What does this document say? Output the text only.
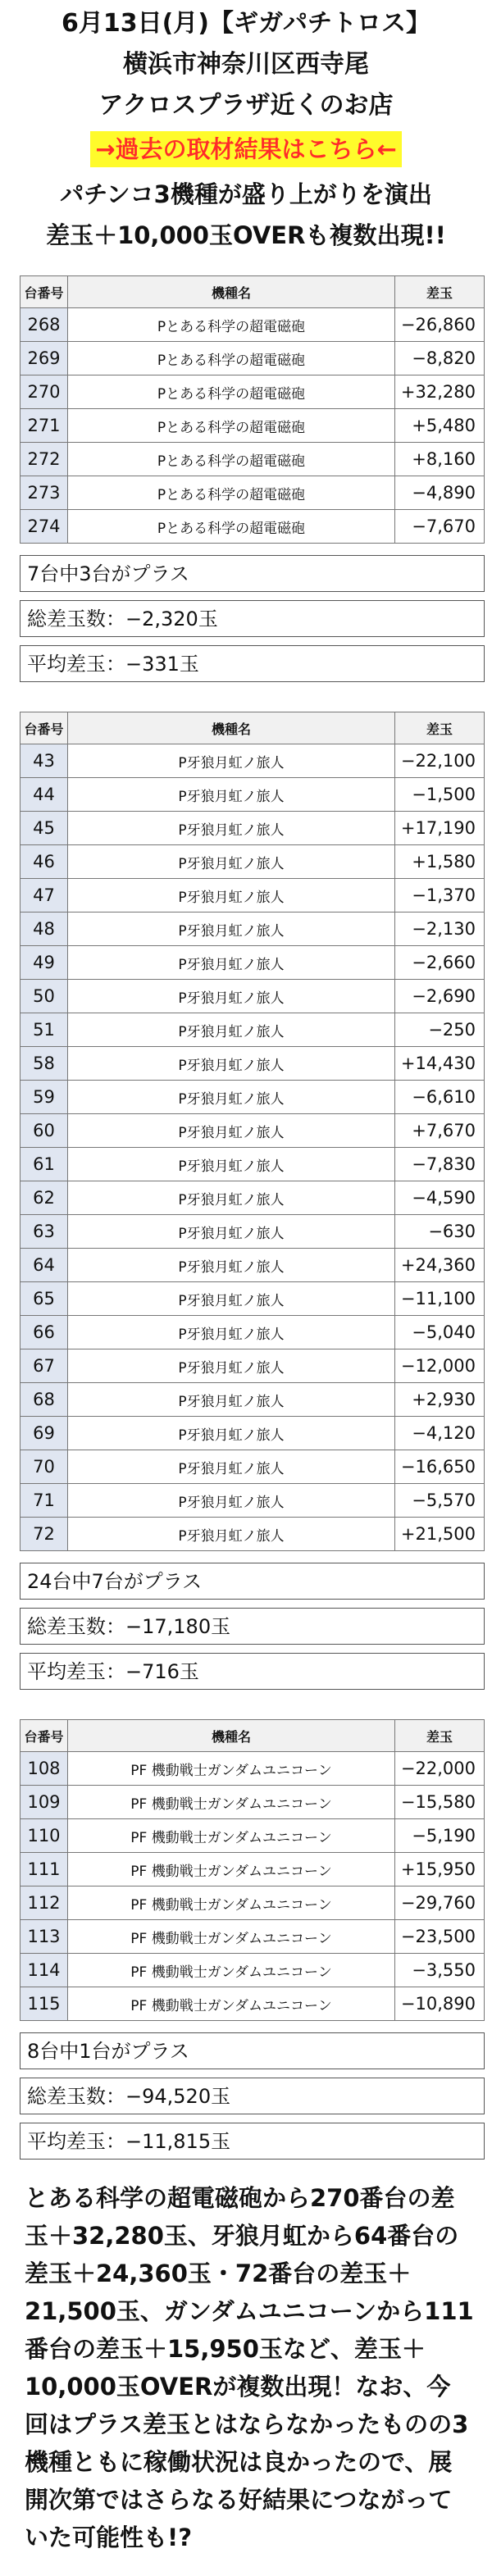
6月13日(月)【ギガパチトロス】
横浜市神奈川区西寺尾
アクロスプラザ近くのお店
→過去の取材結果はこちら←
パチンコ3機種が盛り上がりを演出
差玉＋10,000玉OVERも複数出現!!
台番号	機種名	差玉
268	Pとある科学の超電磁砲	−26,860
269	Pとある科学の超電磁砲	−8,820
270	Pとある科学の超電磁砲	+32,280
271	Pとある科学の超電磁砲	+5,480
272	Pとある科学の超電磁砲	+8,160
273	Pとある科学の超電磁砲	−4,890
274	Pとある科学の超電磁砲	−7,670
7台中3台がプラス
総差玉数：−2,320玉
平均差玉：−331玉
台番号	機種名	差玉
43	P牙狼月虹ノ旅人	−22,100
44	P牙狼月虹ノ旅人	−1,500
45	P牙狼月虹ノ旅人	+17,190
46	P牙狼月虹ノ旅人	+1,580
47	P牙狼月虹ノ旅人	−1,370
48	P牙狼月虹ノ旅人	−2,130
49	P牙狼月虹ノ旅人	−2,660
50	P牙狼月虹ノ旅人	−2,690
51	P牙狼月虹ノ旅人	−250
58	P牙狼月虹ノ旅人	+14,430
59	P牙狼月虹ノ旅人	−6,610
60	P牙狼月虹ノ旅人	+7,670
61	P牙狼月虹ノ旅人	−7,830
62	P牙狼月虹ノ旅人	−4,590
63	P牙狼月虹ノ旅人	−630
64	P牙狼月虹ノ旅人	+24,360
65	P牙狼月虹ノ旅人	−11,100
66	P牙狼月虹ノ旅人	−5,040
67	P牙狼月虹ノ旅人	−12,000
68	P牙狼月虹ノ旅人	+2,930
69	P牙狼月虹ノ旅人	−4,120
70	P牙狼月虹ノ旅人	−16,650
71	P牙狼月虹ノ旅人	−5,570
72	P牙狼月虹ノ旅人	+21,500
24台中7台がプラス
総差玉数：−17,180玉
平均差玉：−716玉
台番号	機種名	差玉
108	PF 機動戦士ガンダムユニコーン	−22,000
109	PF 機動戦士ガンダムユニコーン	−15,580
110	PF 機動戦士ガンダムユニコーン	−5,190
111	PF 機動戦士ガンダムユニコーン	+15,950
112	PF 機動戦士ガンダムユニコーン	−29,760
113	PF 機動戦士ガンダムユニコーン	−23,500
114	PF 機動戦士ガンダムユニコーン	−3,550
115	PF 機動戦士ガンダムユニコーン	−10,890
8台中1台がプラス
総差玉数：−94,520玉
平均差玉：−11,815玉

とある科学の超電磁砲から270番台の差玉＋32,280玉、牙狼月虹から64番台の差玉＋24,360玉・72番台の差玉＋21,500玉、ガンダムユニコーンから111番台の差玉＋15,950玉など、差玉＋10,000玉OVERが複数出現！なお、今回はプラス差玉とはならなかったものの3機種ともに稼働状況は良かったので、展開次第ではさらなる好結果につながっていた可能性も!?
